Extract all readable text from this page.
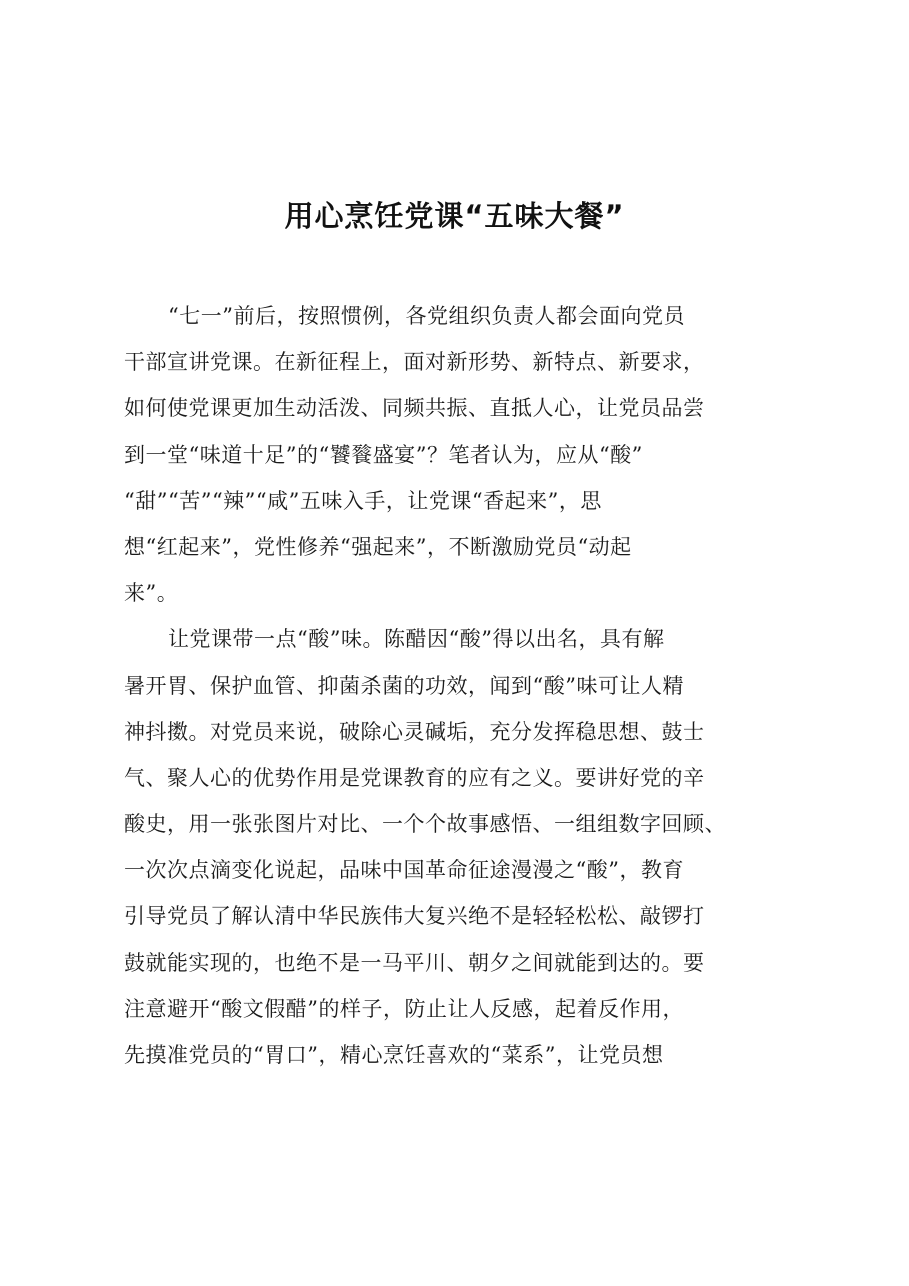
用心烹饪党课“五味大餐”
“七一”前后，按照惯例，各党组织负责人都会面向党员
干部宣讲党课。在新征程上，面对新形势、新特点、新要求，
如何使党课更加生动活泼、同频共振、直抵人心，让党员品尝
到一堂“味道十足”的“饕餮盛宴”？笔者认为，应从“酸”
“甜”“苦”“辣”“咸”五味入手，让党课“香起来”，思
想“红起来”，党性修养“强起来”，不断激励党员“动起
来”。
让党课带一点“酸”味。陈醋因“酸”得以出名，具有解
暑开胃、保护血管、抑菌杀菌的功效，闻到“酸”味可让人精
神抖擞。对党员来说，破除心灵碱垢，充分发挥稳思想、鼓士
气、聚人心的优势作用是党课教育的应有之义。要讲好党的辛
酸史，用一张张图片对比、一个个故事感悟、一组组数字回顾、
一次次点滴变化说起，品味中国革命征途漫漫之“酸”，教育
引导党员了解认清中华民族伟大复兴绝不是轻轻松松、敲锣打
鼓就能实现的，也绝不是一马平川、朝夕之间就能到达的。要
注意避开“酸文假醋”的样子，防止让人反感，起着反作用，
先摸准党员的“胃口”，精心烹饪喜欢的“菜系”，让党员想
